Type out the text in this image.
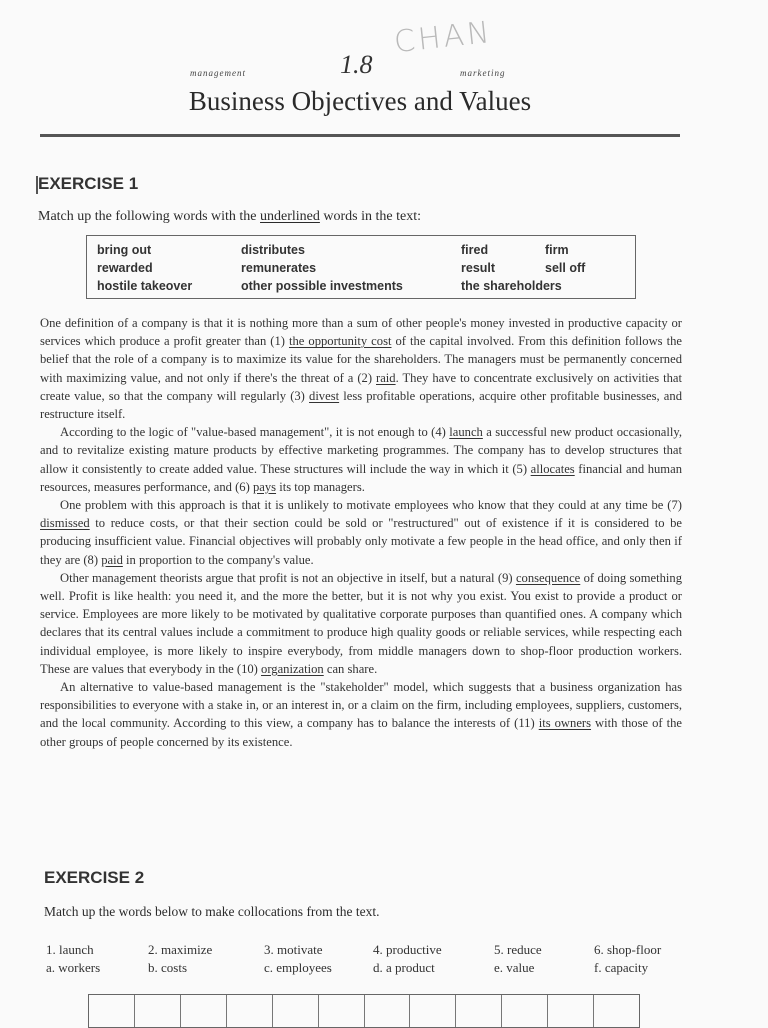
management	1.8
CHAN
marketing
Business Objectives and Values
EXERCISE 1
Match up the following words with the underlined words in the text:
bring out	distributes	fired	firm
rewarded	remunerates	result	sell off
hostile takeover	other possible investments	the shareholders

One definition of a company is that it is nothing more than a sum of other people's money invested in productive capacity or services which produce a profit greater than (1) the opportunity cost of the capital involved. From this definition follows the belief that the role of a company is to maximize its value for the shareholders. The managers must be permanently concerned with maximizing value, and not only if there's the threat of a (2) raid. They have to concentrate exclusively on activities that create value, so that the company will regularly (3) divest less profitable operations, acquire other profitable businesses, and restructure itself.

According to the logic of "value-based management", it is not enough to (4) launch a successful new product occasionally, and to revitalize existing mature products by effective marketing programmes. The company has to develop structures that allow it consistently to create added value. These structures will include the way in which it (5) allocates financial and human resources, measures performance, and (6) pays its top managers.

One problem with this approach is that it is unlikely to motivate employees who know that they could at any time be (7) dismissed to reduce costs, or that their section could be sold or "restructured" out of existence if it is considered to be producing insufficient value. Financial objectives will probably only motivate a few people in the head office, and only then if they are (8) paid in proportion to the company's value.

Other management theorists argue that profit is not an objective in itself, but a natural (9) consequence of doing something well. Profit is like health: you need it, and the more the better, but it is not why you exist. You exist to provide a product or service. Employees are more likely to be motivated by qualitative corporate purposes than quantified ones. A company which declares that its central values include a commitment to produce high quality goods or reliable services, while respecting each individual employee, is more likely to inspire everybody, from middle managers down to shop-floor production workers. These are values that everybody in the (10) organization can share.

An alternative to value-based management is the "stakeholder" model, which suggests that a business organization has responsibilities to everyone with a stake in, or an interest in, or a claim on the firm, including employees, suppliers, customers, and the local community. According to this view, a company has to balance the interests of (11) its owners with those of the other groups of people concerned by its existence.

EXERCISE 2
Match up the words below to make collocations from the text.
1. launch	2. maximize	3. motivate	4. productive	5. reduce	6. shop-floor
a. workers	b. costs	c. employees	d. a product	e. value	f. capacity
